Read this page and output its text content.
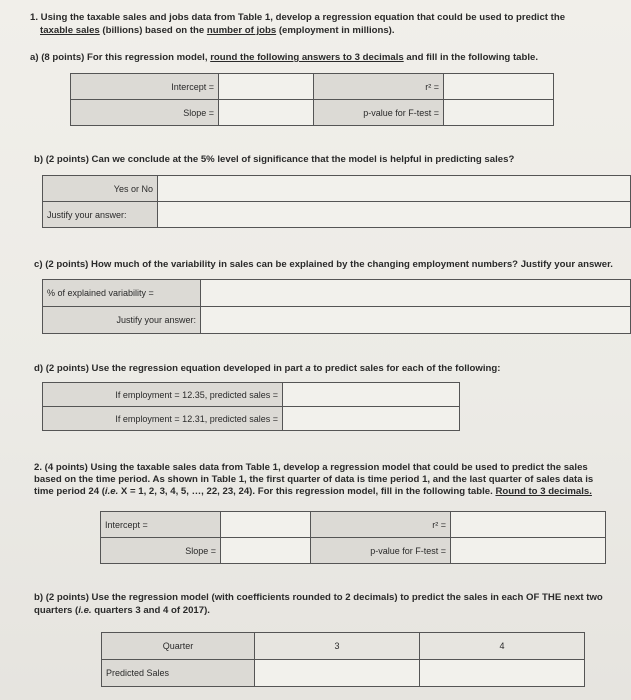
1. Using the taxable sales and jobs data from Table 1, develop a regression equation that could be used to predict the
taxable sales (billions) based on the number of jobs (employment in millions).
a) (8 points) For this regression model, round the following answers to 3 decimals and fill in the following table.
Intercept =		r² =	
Slope =		p-value for F-test =	
b) (2 points) Can we conclude at the 5% level of significance that the model is helpful in predicting sales?
Yes or No	
Justify your answer:	
c) (2 points) How much of the variability in sales can be explained by the changing employment numbers? Justify your answer.
% of explained variability =	
Justify your answer:	
d) (2 points) Use the regression equation developed in part a to predict sales for each of the following:
If employment = 12.35, predicted sales =	
If employment = 12.31, predicted sales =	
2. (4 points) Using the taxable sales data from Table 1, develop a regression model that could be used to predict the sales
based on the time period. As shown in Table 1, the first quarter of data is time period 1, and the last quarter of sales data is
time period 24 (i.e. X = 1, 2, 3, 4, 5, …, 22, 23, 24). For this regression model, fill in the following table. Round to 3 decimals.
Intercept =		r² =	
Slope =		p-value for F-test =	
b) (2 points) Use the regression model (with coefficients rounded to 2 decimals) to predict the sales in each OF THE next two
quarters (i.e. quarters 3 and 4 of 2017).
Quarter	3	4
Predicted Sales		
